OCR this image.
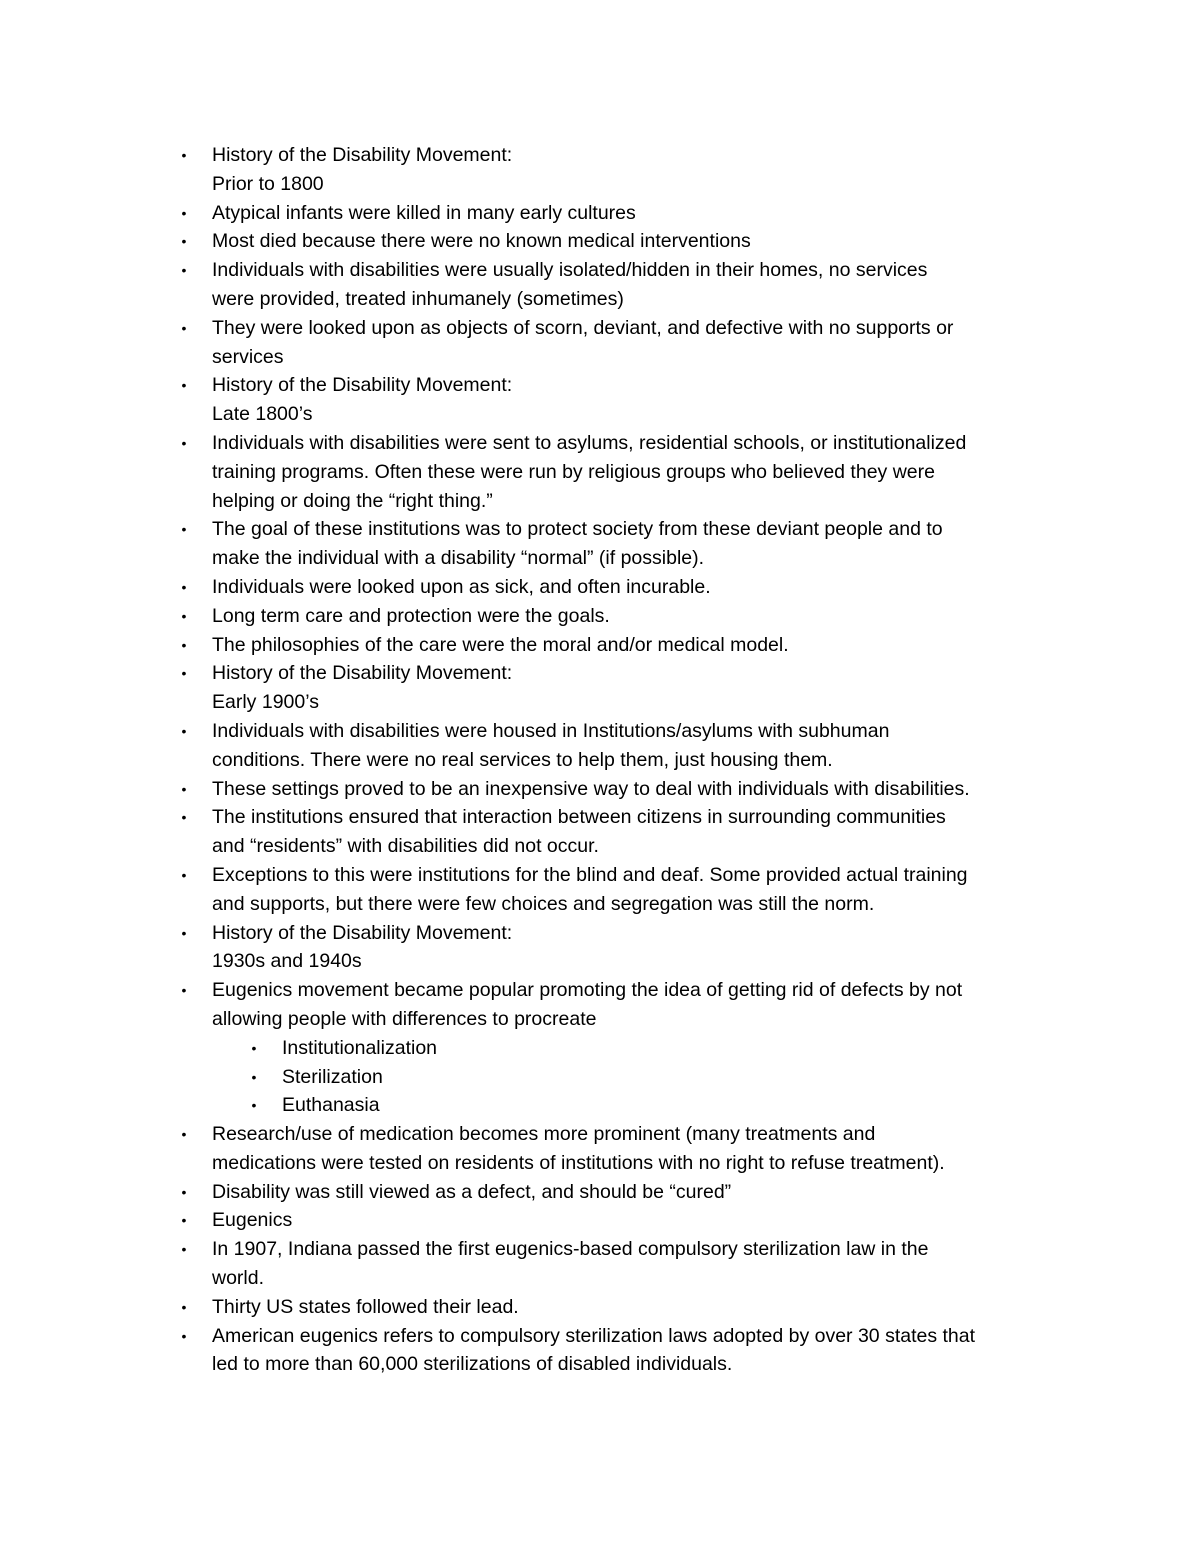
• History of the Disability Movement:
Prior to 1800
• Atypical infants were killed in many early cultures
• Most died because there were no known medical interventions
• Individuals with disabilities were usually isolated/hidden in their homes, no services
were provided, treated inhumanely (sometimes)
• They were looked upon as objects of scorn, deviant, and defective with no supports or
services
• History of the Disability Movement:
Late 1800’s
• Individuals with disabilities were sent to asylums, residential schools, or institutionalized
training programs. Often these were run by religious groups who believed they were
helping or doing the “right thing.”
• The goal of these institutions was to protect society from these deviant people and to
make the individual with a disability “normal” (if possible).
• Individuals were looked upon as sick, and often incurable.
• Long term care and protection were the goals.
• The philosophies of the care were the moral and/or medical model.
• History of the Disability Movement:
Early 1900’s
• Individuals with disabilities were housed in Institutions/asylums with subhuman
conditions. There were no real services to help them, just housing them.
• These settings proved to be an inexpensive way to deal with individuals with disabilities.
• The institutions ensured that interaction between citizens in surrounding communities
and “residents” with disabilities did not occur.
• Exceptions to this were institutions for the blind and deaf. Some provided actual training
and supports, but there were few choices and segregation was still the norm.
• History of the Disability Movement:
1930s and 1940s
• Eugenics movement became popular promoting the idea of getting rid of defects by not
allowing people with differences to procreate
• Institutionalization
• Sterilization
• Euthanasia
• Research/use of medication becomes more prominent (many treatments and
medications were tested on residents of institutions with no right to refuse treatment).
• Disability was still viewed as a defect, and should be “cured”
• Eugenics
• In 1907, Indiana passed the first eugenics-based compulsory sterilization law in the
world.
• Thirty US states followed their lead.
• American eugenics refers to compulsory sterilization laws adopted by over 30 states that
led to more than 60,000 sterilizations of disabled individuals.
